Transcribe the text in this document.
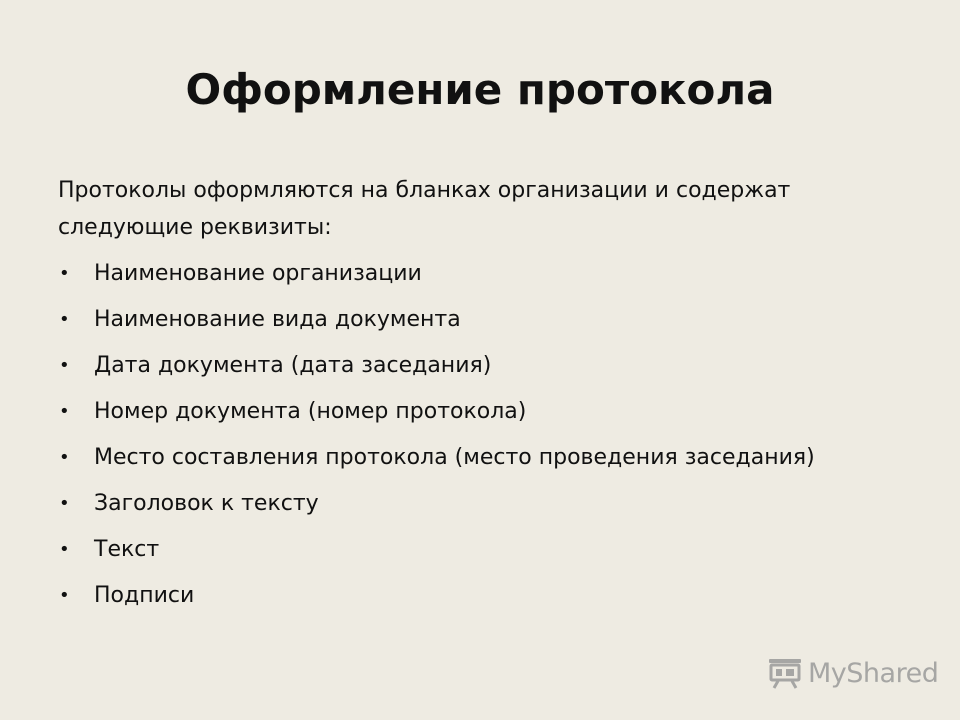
Оформление протокола

Протоколы оформляются на бланках организации и содержат следующие реквизиты:

• Наименование организации
• Наименование вида документа
• Дата документа (дата заседания)
• Номер документа (номер протокола)
• Место составления протокола (место проведения заседания)
• Заголовок к тексту
• Текст
• Подписи
MyShared
